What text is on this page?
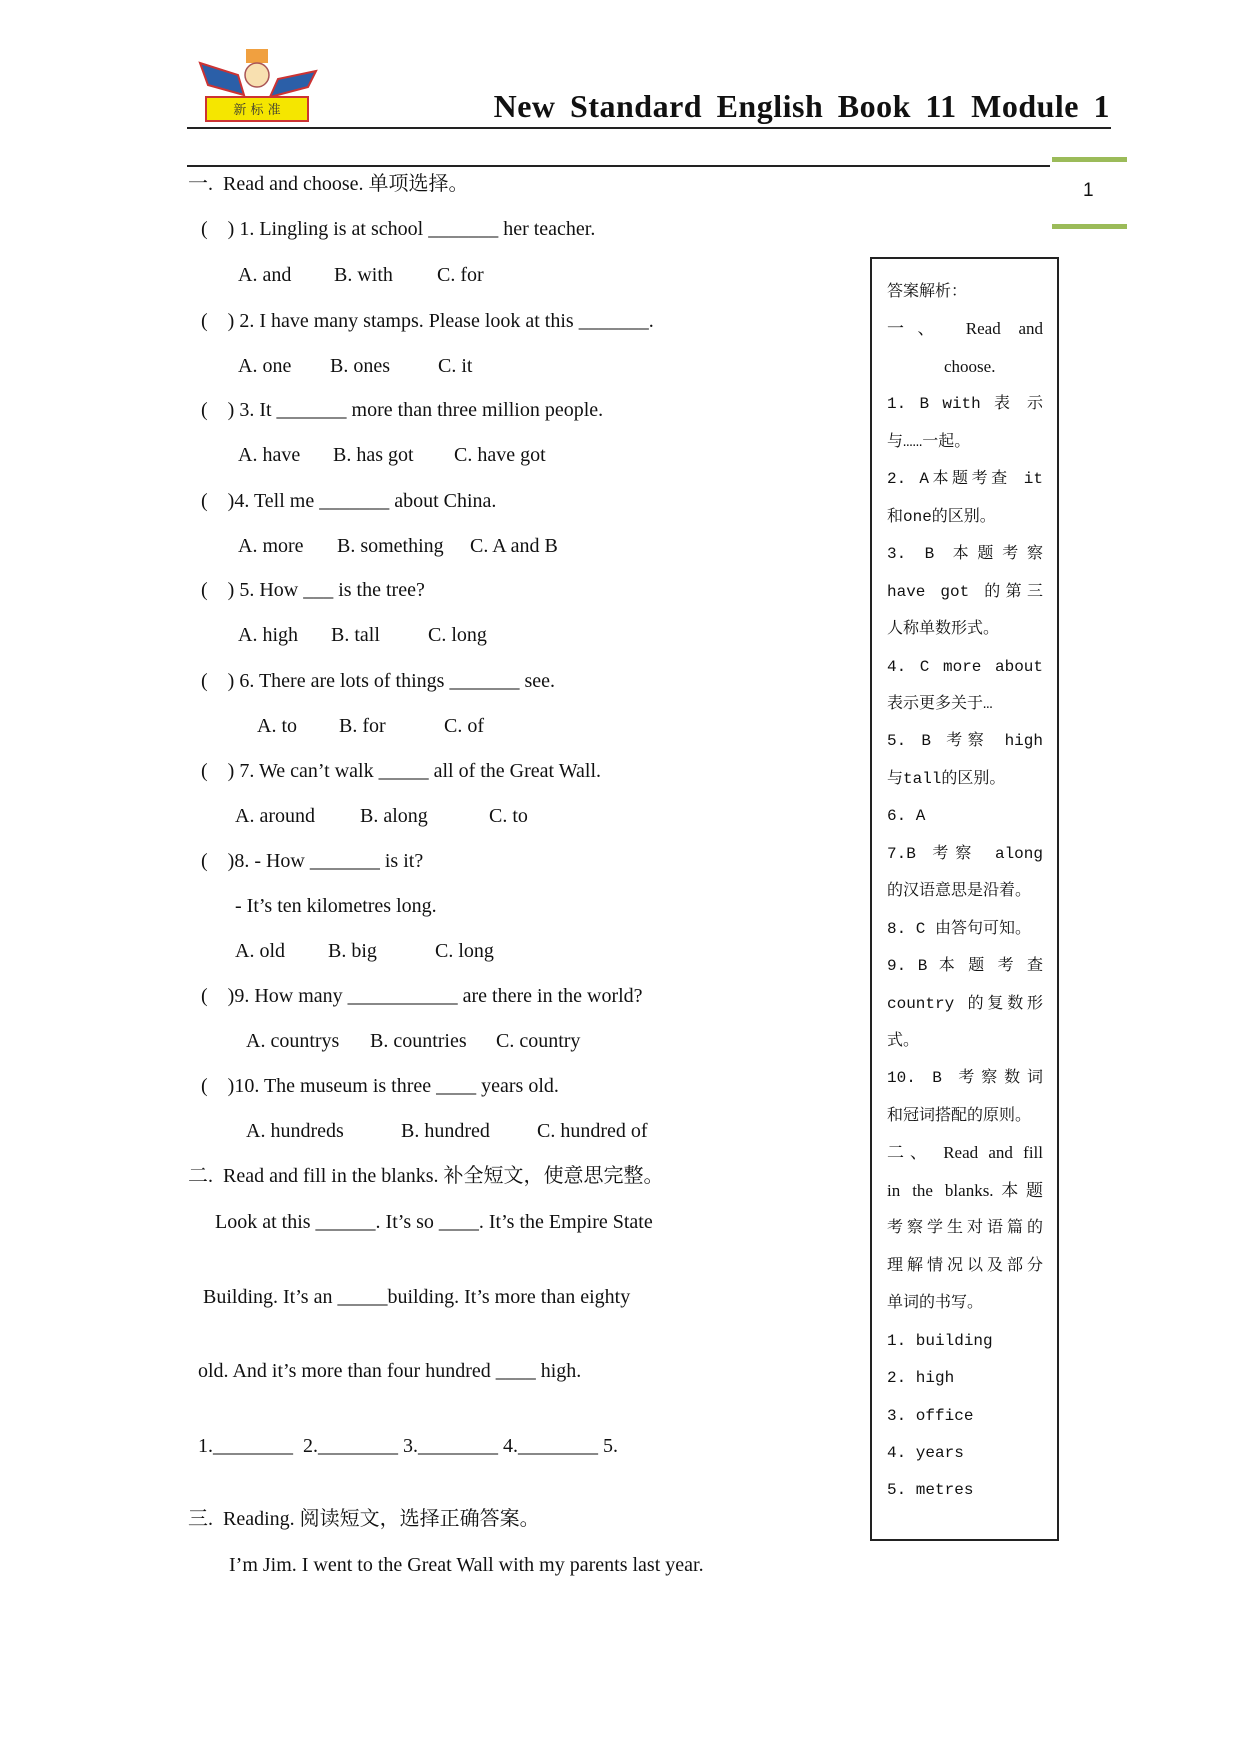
新 标 准	New Standard English Book 11 Module 1
1
一.  Read and choose. 单项选择。
(    ) 1. Lingling is at school _______ her teacher.
A. and B. with C. for
(    ) 2. I have many stamps. Please look at this _______.
A. one B. ones C. it
(    ) 3. It _______ more than three million people.
A. have B. has got C. have got
(    )4. Tell me _______ about China.
A. more B. something C. A and B
(    ) 5. How ___ is the tree?
A. high B. tall C. long
(    ) 6. There are lots of things _______ see.
A. to B. for	C. of
(    ) 7. We can’t walk _____ all of the Great Wall.
A. around B. along	C. to
(    )8. - How _______ is it?
- It’s ten kilometres long.
A. old B. big	C. long
(    )9. How many ___________ are there in the world?
A. countrys B. countries C. country
(    )10. The museum is three ____ years old.
A. hundreds	B. hundred C. hundred of
二.  Read and fill in the blanks. 补全短文，使意思完整。
Look at this ______. It’s so ____. It’s the Empire State
Building. It’s an _____building. It’s more than eighty
old. And it’s more than four hundred ____ high.
1.________  2.________ 3.________ 4.________ 5.
三.  Reading. 阅读短文，选择正确答案。
I’m Jim. I went to the Great Wall with my parents last year.
答案解析：
一、 Read and
choose.
1. B with 表 示
与……一起。
2. A本题考查 it
和one的区别。
3. B 本题考察
have got 的第三
人称单数形式。
4. C more about
表示更多关于…
5. B 考察 high
与tall的区别。
6. A
7.B 考察 along
的汉语意思是沿着。
8. C 由答句可知。
9. B 本 题 考 查
country 的复数形
式。
10. B 考察数词
和冠词搭配的原则。
二、 Read and fill
in the blanks.本题
考察学生对语篇的
理解情况以及部分
单词的书写。
1. building
2. high
3. office
4. years
5. metres
